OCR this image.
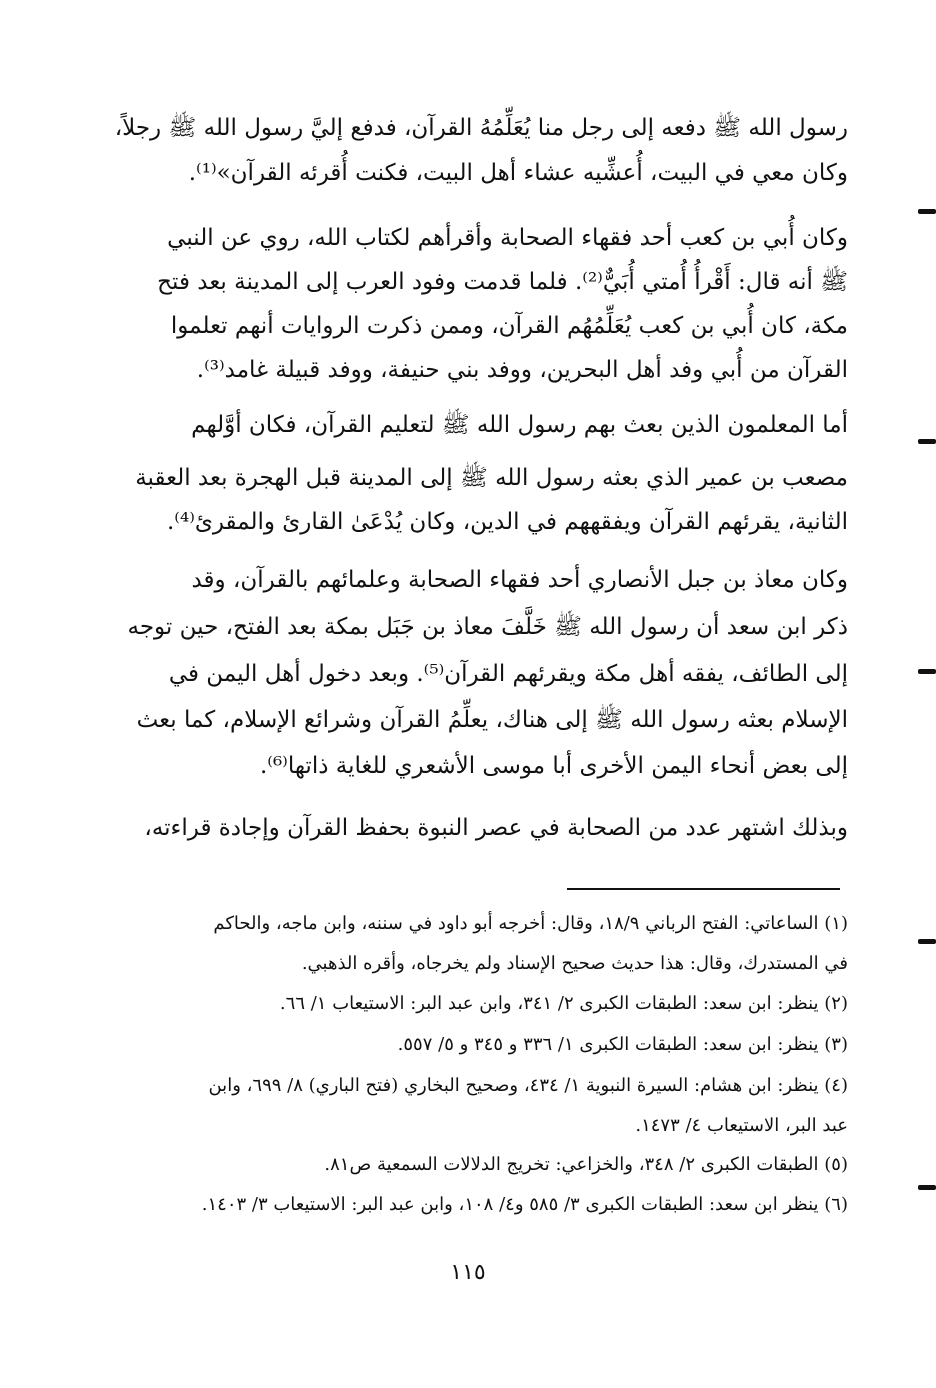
رسول الله ﷺ دفعه إلى رجل منا يُعَلِّمُهُ القرآن، فدفع إليَّ رسول الله ﷺ رجلاً،
وكان معي في البيت، أُعشِّيه عشاء أهل البيت، فكنت أُقرئه القرآن»⁽¹⁾.
وكان أُبي بن كعب أحد فقهاء الصحابة وأقرأهم لكتاب الله، روي عن النبي
ﷺ أنه قال: أَقْرأُ أُمتي أُبَيٌّ⁽²⁾. فلما قدمت وفود العرب إلى المدينة بعد فتح
مكة، كان أُبي بن كعب يُعَلِّمُهُم القرآن، وممن ذكرت الروايات أنهم تعلموا
القرآن من أُبي وفد أهل البحرين، ووفد بني حنيفة، ووفد قبيلة غامد⁽³⁾.
أما المعلمون الذين بعث بهم رسول الله ﷺ لتعليم القرآن، فكان أوَّلهم
مصعب بن عمير الذي بعثه رسول الله ﷺ إلى المدينة قبل الهجرة بعد العقبة
الثانية، يقرئهم القرآن ويفقههم في الدين، وكان يُدْعَىٰ القارئ والمقرئ⁽⁴⁾.
وكان معاذ بن جبل الأنصاري أحد فقهاء الصحابة وعلمائهم بالقرآن، وقد
ذكر ابن سعد أن رسول الله ﷺ خَلَّفَ معاذ بن جَبَل بمكة بعد الفتح، حين توجه
إلى الطائف، يفقه أهل مكة ويقرئهم القرآن⁽⁵⁾. وبعد دخول أهل اليمن في
الإسلام بعثه رسول الله ﷺ إلى هناك، يعلِّمُ القرآن وشرائع الإسلام، كما بعث
إلى بعض أنحاء اليمن الأخرى أبا موسى الأشعري للغاية ذاتها⁽⁶⁾.
وبذلك اشتهر عدد من الصحابة في عصر النبوة بحفظ القرآن وإجادة قراءته،
(١) الساعاتي: الفتح الرباني ١٨/٩، وقال: أخرجه أبو داود في سننه، وابن ماجه، والحاكم
في المستدرك، وقال: هذا حديث صحيح الإسناد ولم يخرجاه، وأقره الذهبي.
(٢) ينظر: ابن سعد: الطبقات الكبرى ٢/ ٣٤١، وابن عبد البر: الاستيعاب ١/ ٦٦.
(٣) ينظر: ابن سعد: الطبقات الكبرى ١/ ٣٣٦ و ٣٤٥ و ٥/ ٥٥٧.
(٤) ينظر: ابن هشام: السيرة النبوية ١/ ٤٣٤، وصحيح البخاري (فتح الباري) ٨/ ٦٩٩، وابن
عبد البر، الاستيعاب ٤/ ١٤٧٣.
(٥) الطبقات الكبرى ٢/ ٣٤٨، والخزاعي: تخريج الدلالات السمعية ص٨١.
(٦) ينظر ابن سعد: الطبقات الكبرى ٣/ ٥٨٥ و٤/ ١٠٨، وابن عبد البر: الاستيعاب ٣/ ١٤٠٣.
١١٥
